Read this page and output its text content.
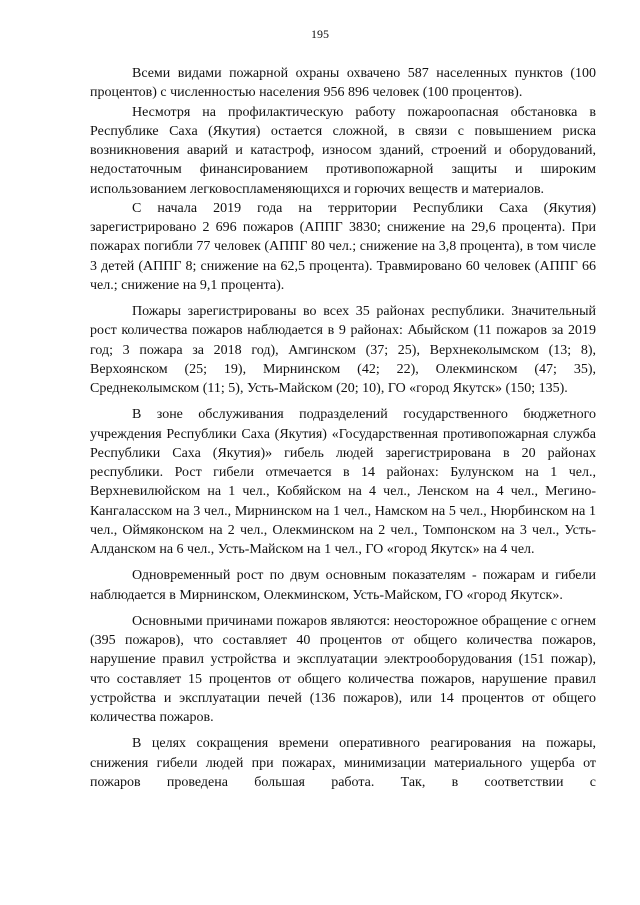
195

Всеми видами пожарной охраны охвачено 587 населенных пунктов (100 процентов) с численностью населения 956 896 человек (100 процентов).

Несмотря на профилактическую работу пожароопасная обстановка в Республике Саха (Якутия) остается сложной, в связи с повышением риска возникновения аварий и катастроф, износом зданий, строений и оборудований, недостаточным финансированием противопожарной защиты и широким использованием легковоспламеняющихся и горючих веществ и материалов.

С начала 2019 года на территории Республики Саха (Якутия) зарегистрировано 2 696 пожаров (АППГ 3830; снижение на 29,6 процента). При пожарах погибли 77 человек (АППГ 80 чел.; снижение на 3,8 процента), в том числе 3 детей (АППГ 8; снижение на 62,5 процента). Травмировано 60 человек (АППГ 66 чел.; снижение на 9,1 процента).

Пожары зарегистрированы во всех 35 районах республики. Значительный рост количества пожаров наблюдается в 9 районах: Абыйском (11 пожаров за 2019 год; 3 пожара за 2018 год), Амгинском (37; 25), Верхнеколымском (13; 8), Верхоянском (25; 19), Мирнинском (42; 22), Олекминском (47; 35), Среднеколымском (11; 5), Усть-Майском (20; 10), ГО «город Якутск» (150; 135).

В зоне обслуживания подразделений государственного бюджетного учреждения Республики Саха (Якутия) «Государственная противопожарная служба Республики Саха (Якутия)» гибель людей зарегистрирована в 20 районах республики. Рост гибели отмечается в 14 районах: Булунском на 1 чел., Верхневилюйском на 1 чел., Кобяйском на 4 чел., Ленском на 4 чел., Мегино-Кангаласском на 3 чел., Мирнинском на 1 чел., Намском на 5 чел., Нюрбинском на 1 чел., Оймяконском на 2 чел., Олекминском на 2 чел., Томпонском на 3 чел., Усть-Алданском на 6 чел., Усть-Майском на 1 чел., ГО «город Якутск» на 4 чел.

Одновременный рост по двум основным показателям - пожарам и гибели наблюдается в Мирнинском, Олекминском, Усть-Майском, ГО «город Якутск».

Основными причинами пожаров являются: неосторожное обращение с огнем (395 пожаров), что составляет 40 процентов от общего количества пожаров, нарушение правил устройства и эксплуатации электрооборудования (151 пожар), что составляет 15 процентов от общего количества пожаров, нарушение правил устройства и эксплуатации печей (136 пожаров), или 14 процентов от общего количества пожаров.

В целях сокращения времени оперативного реагирования на пожары, снижения гибели людей при пожарах, минимизации материального ущерба от пожаров проведена большая работа. Так, в соответствии с
